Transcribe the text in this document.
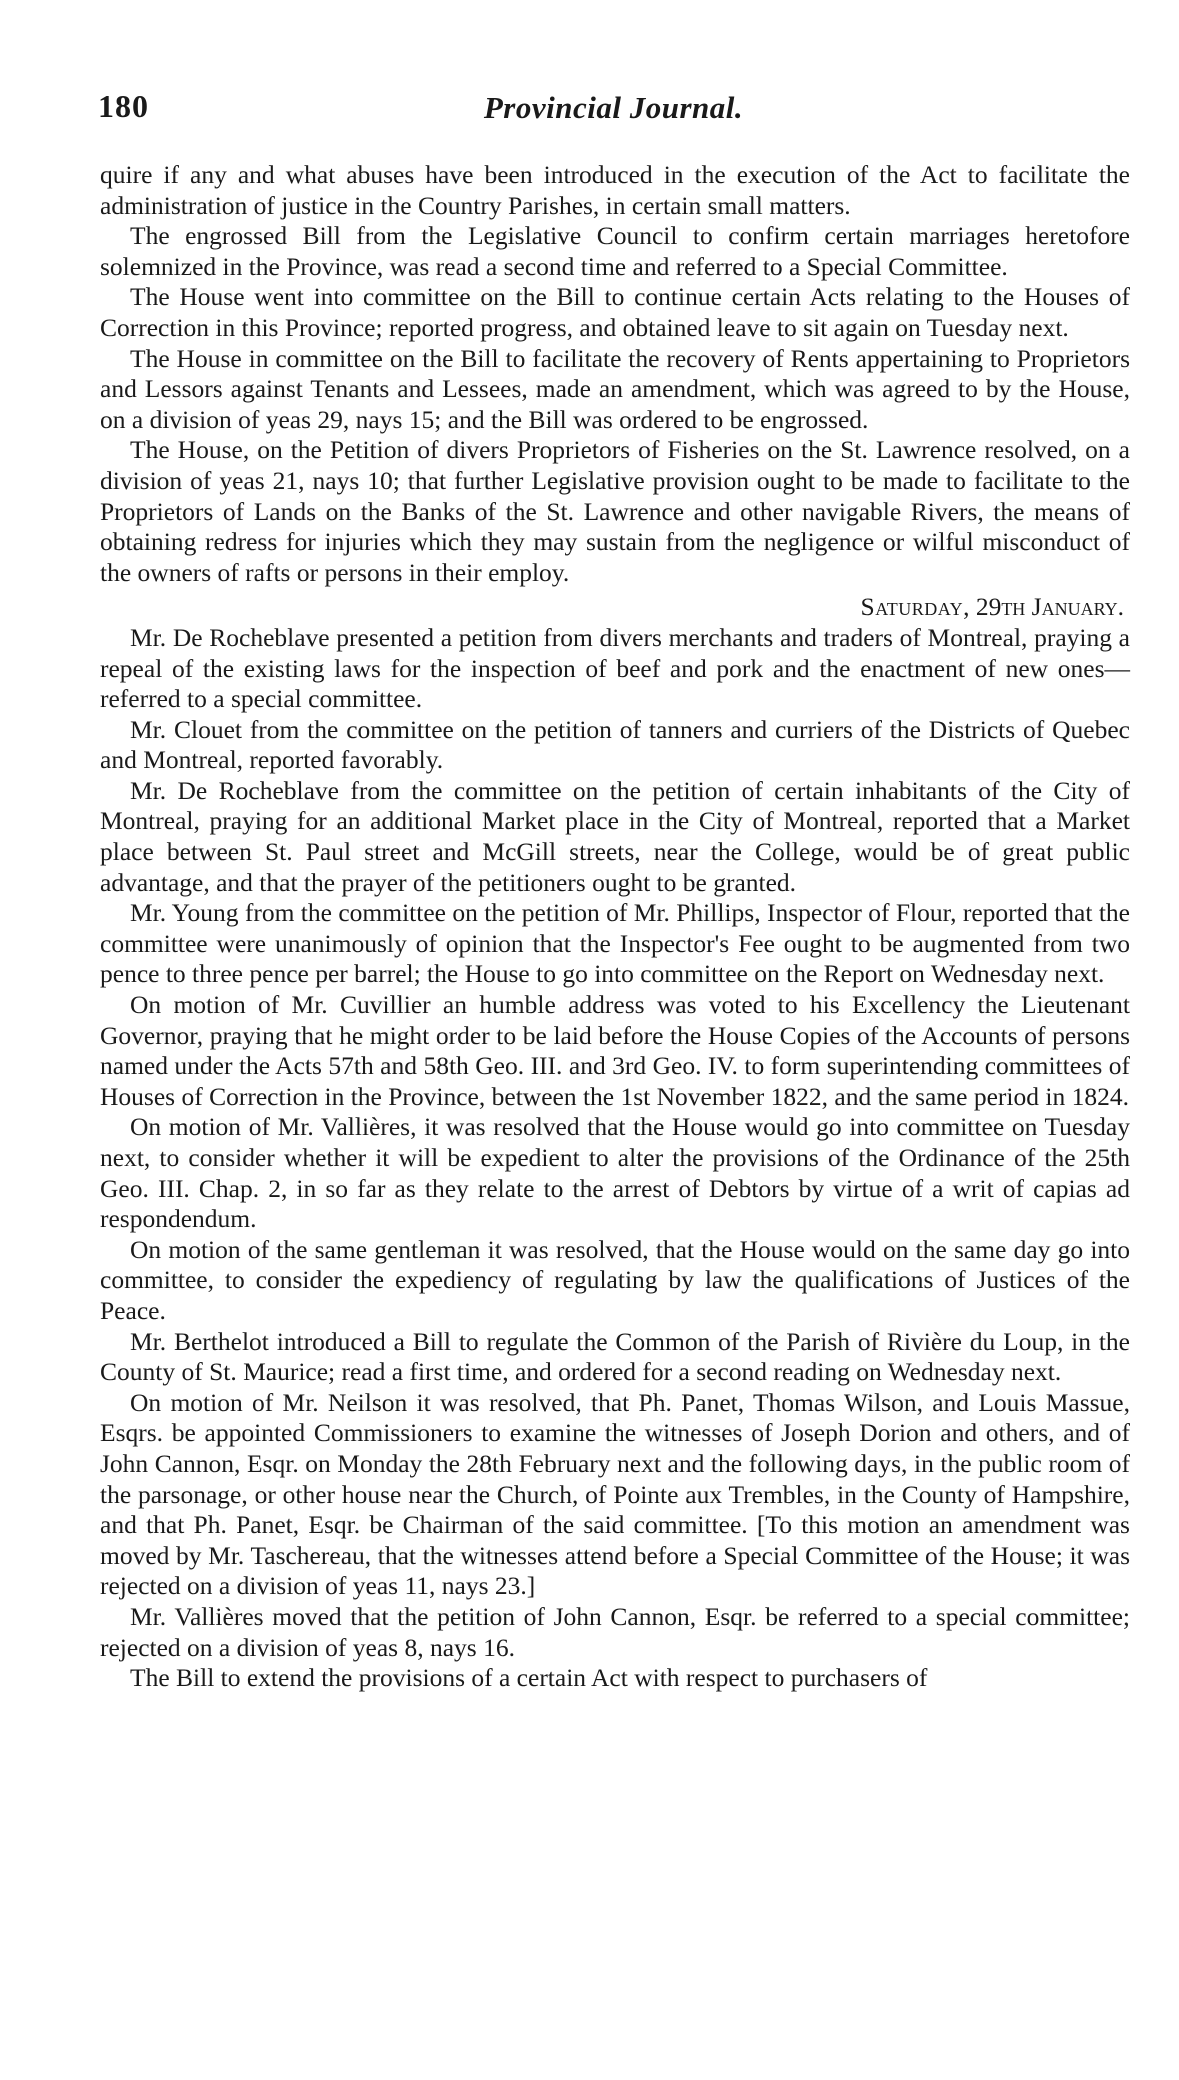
180	Provincial Journal.

quire if any and what abuses have been introduced in the execution of the Act to facilitate the administration of justice in the Country Parishes, in certain small matters.

The engrossed Bill from the Legislative Council to confirm certain marriages heretofore solemnized in the Province, was read a second time and referred to a Special Committee.

The House went into committee on the Bill to continue certain Acts relating to the Houses of Correction in this Province; reported progress, and obtained leave to sit again on Tuesday next.

The House in committee on the Bill to facilitate the recovery of Rents appertaining to Proprietors and Lessors against Tenants and Lessees, made an amendment, which was agreed to by the House, on a division of yeas 29, nays 15; and the Bill was ordered to be engrossed.

The House, on the Petition of divers Proprietors of Fisheries on the St. Lawrence resolved, on a division of yeas 21, nays 10; that further Legislative provision ought to be made to facilitate to the Proprietors of Lands on the Banks of the St. Lawrence and other navigable Rivers, the means of obtaining redress for injuries which they may sustain from the negligence or wilful misconduct of the owners of rafts or persons in their employ.

Saturday, 29th January.

Mr. De Rocheblave presented a petition from divers merchants and traders of Montreal, praying a repeal of the existing laws for the inspection of beef and pork and the enactment of new ones—referred to a special committee.

Mr. Clouet from the committee on the petition of tanners and curriers of the Districts of Quebec and Montreal, reported favorably.

Mr. De Rocheblave from the committee on the petition of certain inhabitants of the City of Montreal, praying for an additional Market place in the City of Montreal, reported that a Market place between St. Paul street and McGill streets, near the College, would be of great public advantage, and that the prayer of the petitioners ought to be granted.

Mr. Young from the committee on the petition of Mr. Phillips, Inspector of Flour, reported that the committee were unanimously of opinion that the Inspector's Fee ought to be augmented from two pence to three pence per barrel; the House to go into committee on the Report on Wednesday next.

On motion of Mr. Cuvillier an humble address was voted to his Excellency the Lieutenant Governor, praying that he might order to be laid before the House Copies of the Accounts of persons named under the Acts 57th and 58th Geo. III. and 3rd Geo. IV. to form superintending committees of Houses of Correction in the Province, between the 1st November 1822, and the same period in 1824.

On motion of Mr. Vallières, it was resolved that the House would go into committee on Tuesday next, to consider whether it will be expedient to alter the provisions of the Ordinance of the 25th Geo. III. Chap. 2, in so far as they relate to the arrest of Debtors by virtue of a writ of capias ad respondendum.

On motion of the same gentleman it was resolved, that the House would on the same day go into committee, to consider the expediency of regulating by law the qualifications of Justices of the Peace.

Mr. Berthelot introduced a Bill to regulate the Common of the Parish of Rivière du Loup, in the County of St. Maurice; read a first time, and ordered for a second reading on Wednesday next.

On motion of Mr. Neilson it was resolved, that Ph. Panet, Thomas Wilson, and Louis Massue, Esqrs. be appointed Commissioners to examine the witnesses of Joseph Dorion and others, and of John Cannon, Esqr. on Monday the 28th February next and the following days, in the public room of the parsonage, or other house near the Church, of Pointe aux Trembles, in the County of Hampshire, and that Ph. Panet, Esqr. be Chairman of the said committee. [To this motion an amendment was moved by Mr. Taschereau, that the witnesses attend before a Special Committee of the House; it was rejected on a division of yeas 11, nays 23.]

Mr. Vallières moved that the petition of John Cannon, Esqr. be referred to a special committee; rejected on a division of yeas 8, nays 16.

The Bill to extend the provisions of a certain Act with respect to purchasers of
